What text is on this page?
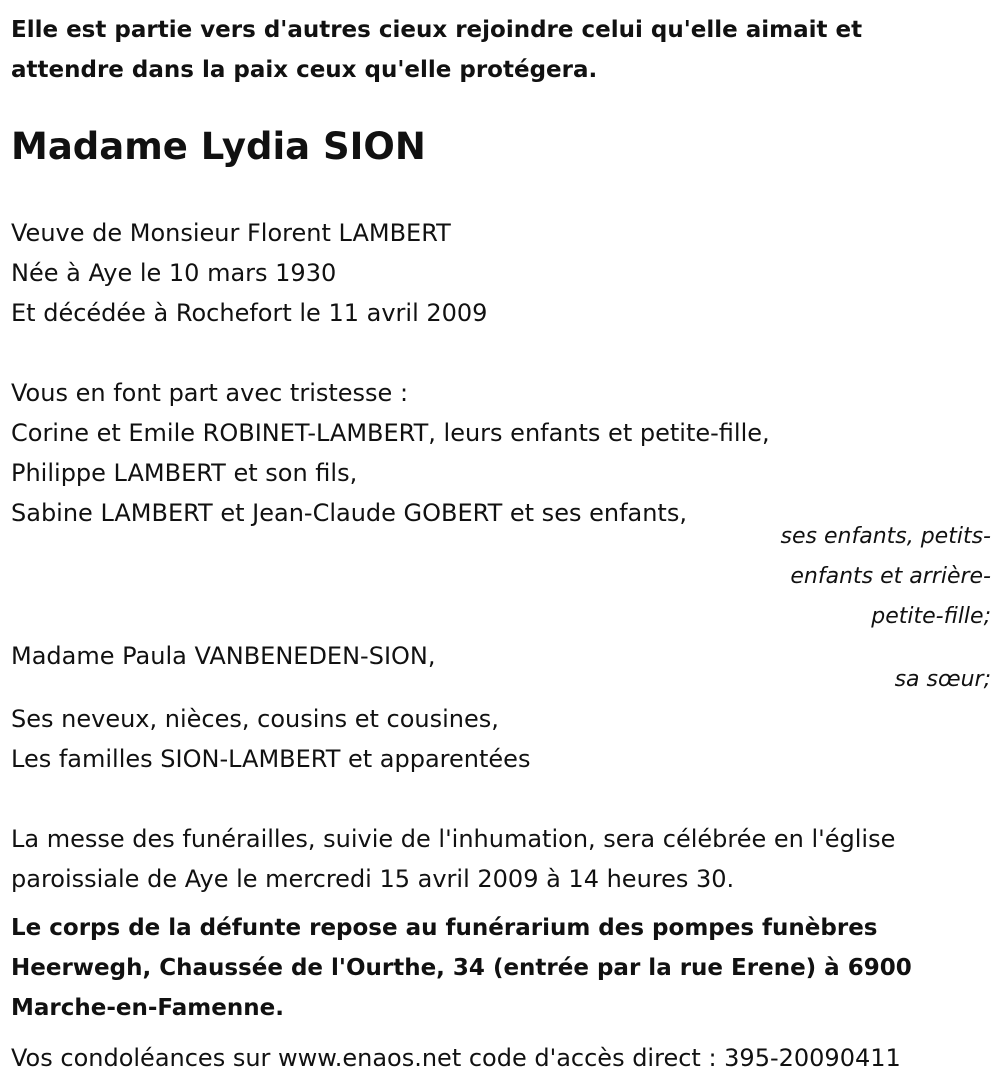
Elle est partie vers d'autres cieux rejoindre celui qu'elle aimait et
attendre dans la paix ceux qu'elle protégera.
Madame Lydia SION
Veuve de Monsieur Florent LAMBERT
Née à Aye le 10 mars 1930
Et décédée à Rochefort le 11 avril 2009
Vous en font part avec tristesse :
Corine et Emile ROBINET-LAMBERT, leurs enfants et petite-fille,
Philippe LAMBERT et son fils,
Sabine LAMBERT et Jean-Claude GOBERT et ses enfants,
ses enfants, petits-
enfants et arrière-
petite-fille;
Madame Paula VANBENEDEN-SION,
sa sœur;
Ses neveux, nièces, cousins et cousines,
Les familles SION-LAMBERT et apparentées
La messe des funérailles, suivie de l'inhumation, sera célébrée en l'église
paroissiale de Aye le mercredi 15 avril 2009 à 14 heures 30.
Le corps de la défunte repose au funérarium des pompes funèbres
Heerwegh, Chaussée de l'Ourthe, 34 (entrée par la rue Erene) à 6900
Marche-en-Famenne.
Vos condoléances sur www.enaos.net code d'accès direct : 395-20090411
